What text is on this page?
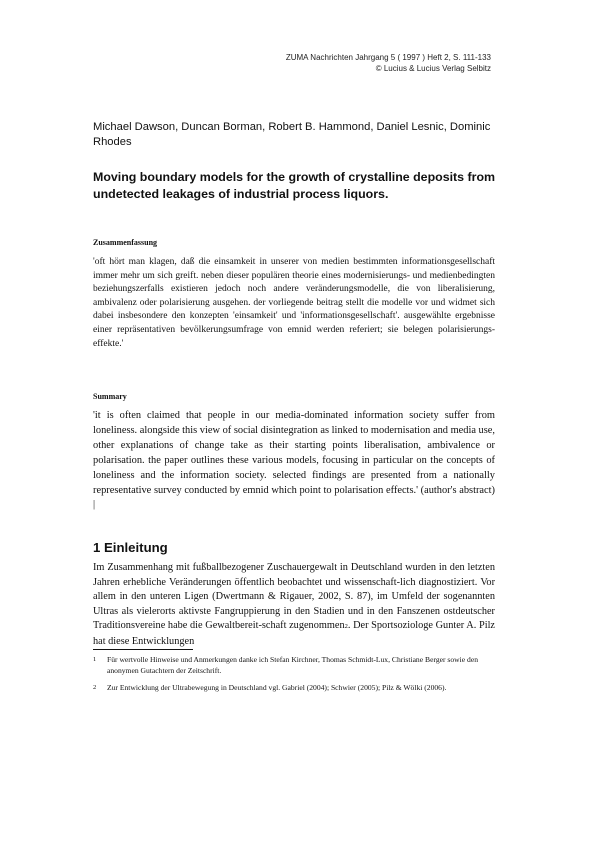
ZUMA Nachrichten Jahrgang 5 ( 1997 ) Heft 2, S. 111-133
© Lucius & Lucius Verlag Selbitz
Michael Dawson, Duncan Borman, Robert B. Hammond, Daniel Lesnic, Dominic Rhodes
Moving boundary models for the growth of crystalline deposits from undetected leakages of industrial process liquors.
Zusammenfassung
'oft hört man klagen, daß die einsamkeit in unserer von medien bestimmten informationsgesellschaft immer mehr um sich greift. neben dieser populären theorie eines modernisierungs- und medienbedingten beziehungszerfalls existieren jedoch noch andere veränderungsmodelle, die von liberalisierung, ambivalenz oder polarisierung ausgehen. der vorliegende beitrag stellt die modelle vor und widmet sich dabei insbesondere den konzepten 'einsamkeit' und 'informationsgesellschaft'. ausgewählte ergebnisse einer repräsentativen bevölkerungsumfrage von emnid werden referiert; sie belegen polarisierungs-effekte.'
Summary
'it is often claimed that people in our media-dominated information society suffer from loneliness. alongside this view of social disintegration as linked to modernisation and media use, other explanations of change take as their starting points liberalisation, ambivalence or polarisation. the paper outlines these various models, focusing in particular on the concepts of loneliness and the information society. selected findings are presented from a nationally representative survey conducted by emnid which point to polarisation effects.' (author's abstract) |
1 Einleitung
Im Zusammenhang mit fußballbezogener Zuschauergewalt in Deutschland wurden in den letzten Jahren erhebliche Veränderungen öffentlich beobachtet und wissenschaft-lich diagnostiziert. Vor allem in den unteren Ligen (Dwertmann & Rigauer, 2002, S. 87), im Umfeld der sogenannten Ultras als vielerorts aktivste Fangruppierung in den Stadien und in den Fanszenen ostdeutscher Traditionsvereine habe die Gewaltbereit-schaft zugenommen2. Der Sportsoziologe Gunter A. Pilz hat diese Entwicklungen
1 Für wertvolle Hinweise und Anmerkungen danke ich Stefan Kirchner, Thomas Schmidt-Lux, Christiane Berger sowie den anonymen Gutachtern der Zeitschrift.
2 Zur Entwicklung der Ultrabewegung in Deutschland vgl. Gabriel (2004); Schwier (2005); Pilz & Wölki (2006).
